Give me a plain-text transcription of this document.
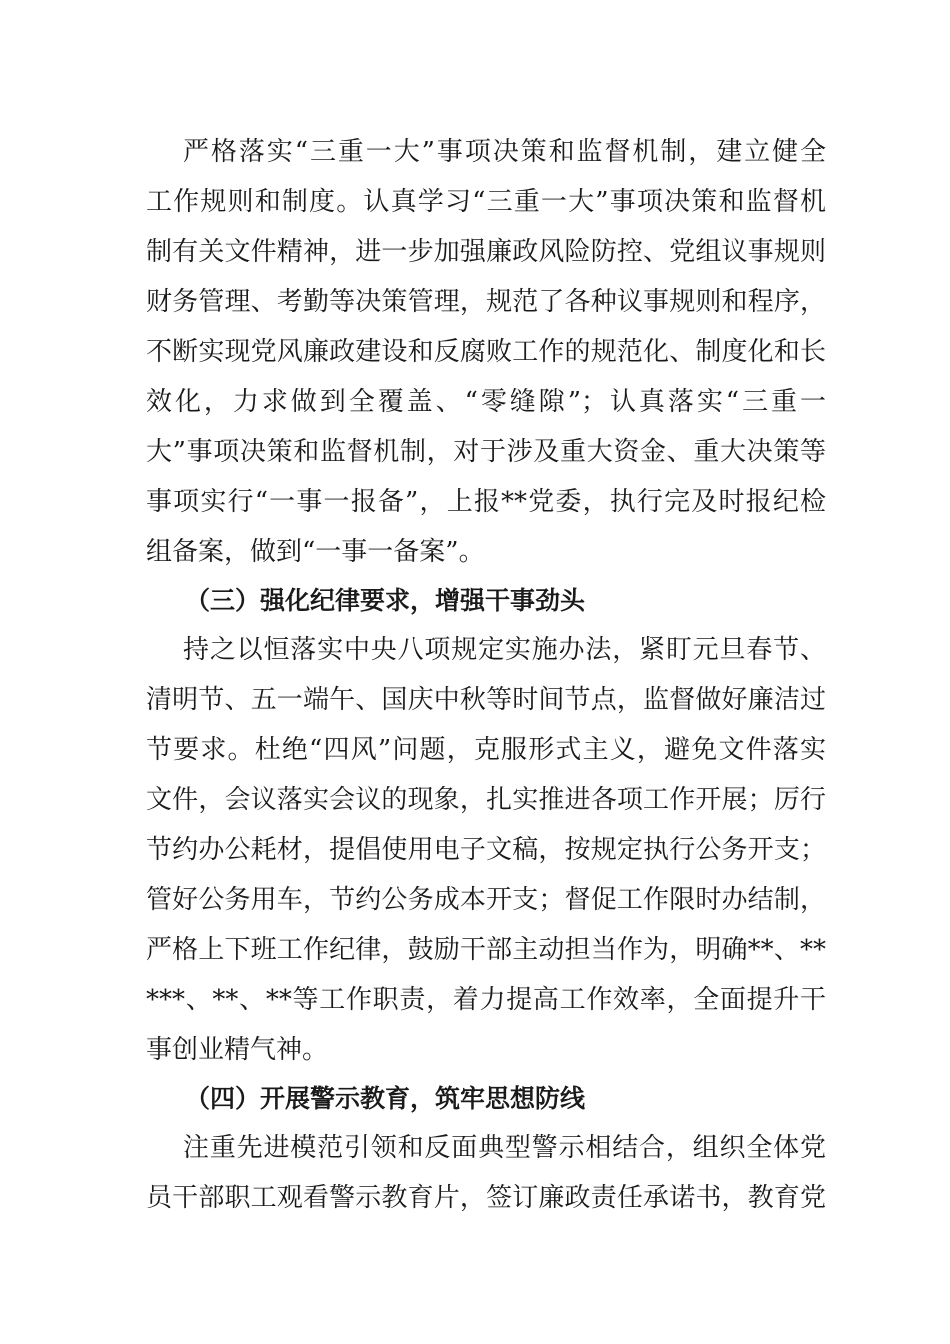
严格落实“三重一大”事项决策和监督机制，建立健全
工作规则和制度。认真学习“三重一大”事项决策和监督机
制有关文件精神，进一步加强廉政风险防控、党组议事规则
财务管理、考勤等决策管理，规范了各种议事规则和程序，
不断实现党风廉政建设和反腐败工作的规范化、制度化和长
效化，力求做到全覆盖、“零缝隙”；认真落实“三重一
大”事项决策和监督机制，对于涉及重大资金、重大决策等
事项实行“一事一报备”，上报**党委，执行完及时报纪检
组备案，做到“一事一备案”。
（三）强化纪律要求，增强干事劲头
持之以恒落实中央八项规定实施办法，紧盯元旦春节、
清明节、五一端午、国庆中秋等时间节点，监督做好廉洁过
节要求。杜绝“四风”问题，克服形式主义，避免文件落实
文件，会议落实会议的现象，扎实推进各项工作开展；厉行
节约办公耗材，提倡使用电子文稿，按规定执行公务开支；
管好公务用车，节约公务成本开支；督促工作限时办结制，
严格上下班工作纪律，鼓励干部主动担当作为，明确**、**
***、**、**等工作职责，着力提高工作效率，全面提升干
事创业精气神。
（四）开展警示教育，筑牢思想防线
注重先进模范引领和反面典型警示相结合，组织全体党
员干部职工观看警示教育片，签订廉政责任承诺书，教育党
